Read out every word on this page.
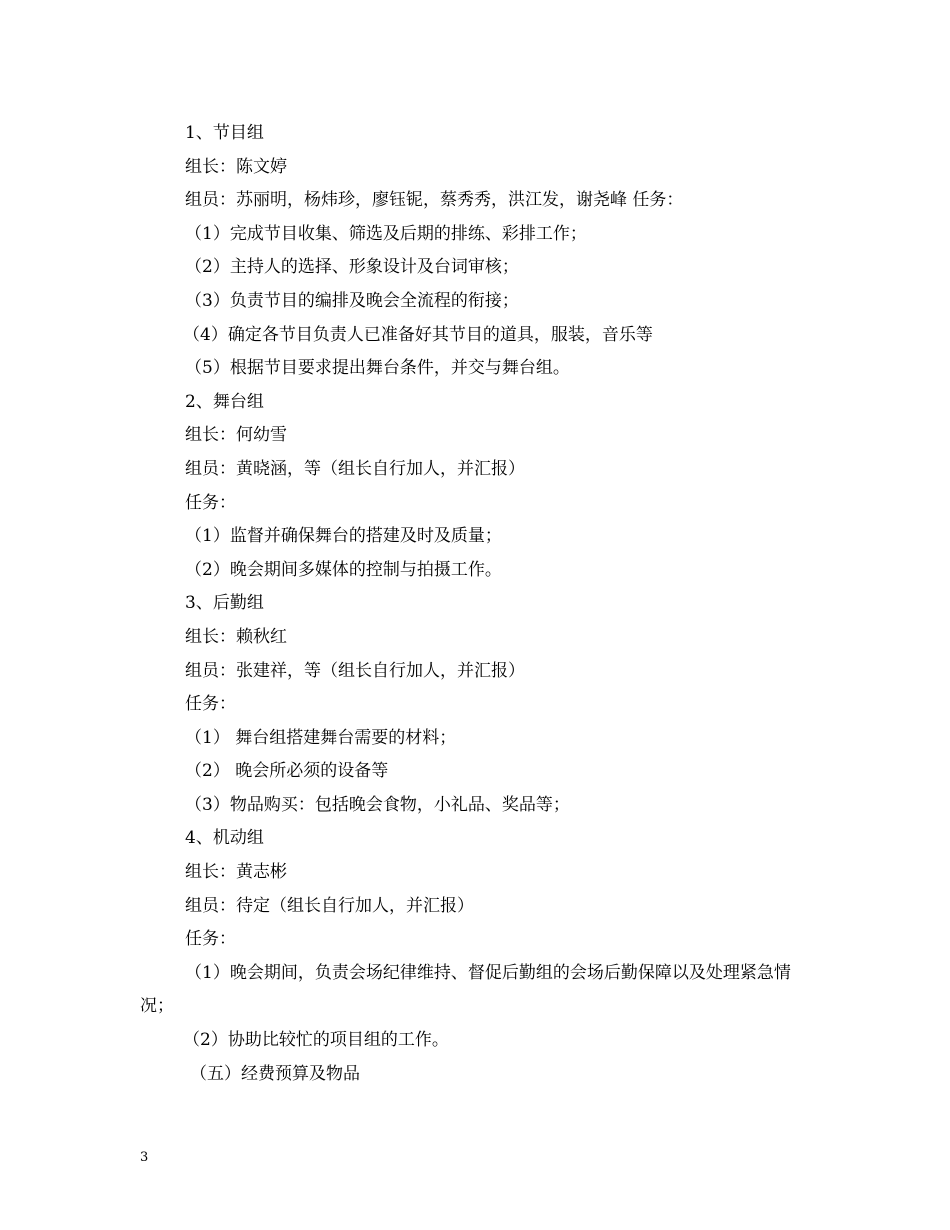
1、节目组
组长：陈文婷
组员：苏丽明，杨炜珍，廖钰铌，蔡秀秀，洪江发，谢尧峰 任务：
（1）完成节目收集、筛选及后期的排练、彩排工作；
（2）主持人的选择、形象设计及台词审核；
（3）负责节目的编排及晚会全流程的衔接；
（4）确定各节目负责人已准备好其节目的道具，服装，音乐等
（5）根据节目要求提出舞台条件，并交与舞台组。
2、舞台组
组长：何幼雪
组员：黄晓涵，等（组长自行加人，并汇报）
任务：
（1）监督并确保舞台的搭建及时及质量；
（2）晚会期间多媒体的控制与拍摄工作。
3、后勤组
组长：赖秋红
组员：张建祥，等（组长自行加人，并汇报）
任务：
（1） 舞台组搭建舞台需要的材料；
（2） 晚会所必须的设备等
（3）物品购买：包括晚会食物，小礼品、奖品等；
4、机动组
组长：黄志彬
组员：待定（组长自行加人，并汇报）
任务：
（1）晚会期间，负责会场纪律维持、督促后勤组的会场后勤保障以及处理紧急情况；
（2）协助比较忙的项目组的工作。
（五）经费预算及物品
3
